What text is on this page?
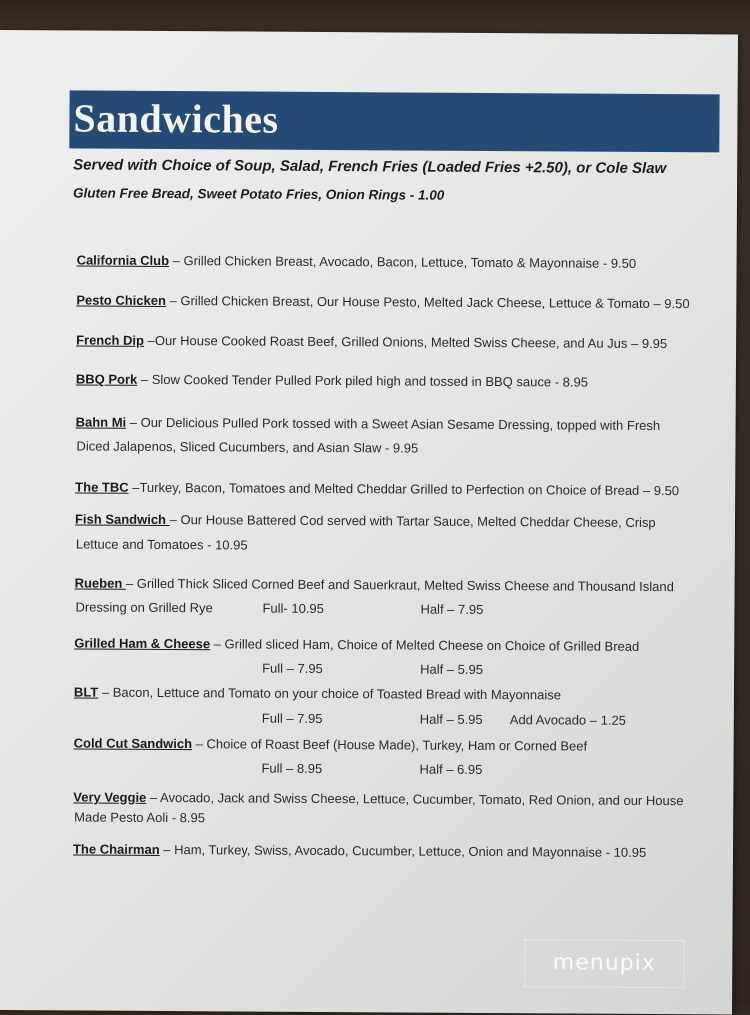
Sandwiches
Served with Choice of Soup, Salad, French Fries (Loaded Fries +2.50), or Cole Slaw
Gluten Free Bread, Sweet Potato Fries, Onion Rings - 1.00
California Club – Grilled Chicken Breast, Avocado, Bacon, Lettuce, Tomato & Mayonnaise - 9.50
Pesto Chicken – Grilled Chicken Breast, Our House Pesto, Melted Jack Cheese, Lettuce & Tomato – 9.50
French Dip –Our House Cooked Roast Beef, Grilled Onions, Melted Swiss Cheese, and Au Jus – 9.95
BBQ Pork – Slow Cooked Tender Pulled Pork piled high and tossed in BBQ sauce - 8.95
Bahn Mi – Our Delicious Pulled Pork tossed with a Sweet Asian Sesame Dressing, topped with Fresh
Diced Jalapenos, Sliced Cucumbers, and Asian Slaw - 9.95
The TBC –Turkey, Bacon, Tomatoes and Melted Cheddar Grilled to Perfection on Choice of Bread – 9.50
Fish Sandwich – Our House Battered Cod served with Tartar Sauce, Melted Cheddar Cheese, Crisp
Lettuce and Tomatoes - 10.95
Rueben – Grilled Thick Sliced Corned Beef and Sauerkraut, Melted Swiss Cheese and Thousand Island
Dressing on Grilled Rye	Full- 10.95	Half – 7.95
Grilled Ham & Cheese – Grilled sliced Ham, Choice of Melted Cheese on Choice of Grilled Bread
Full – 7.95	Half – 5.95
BLT – Bacon, Lettuce and Tomato on your choice of Toasted Bread with Mayonnaise
Full – 7.95	Half – 5.95 Add Avocado – 1.25
Cold Cut Sandwich – Choice of Roast Beef (House Made), Turkey, Ham or Corned Beef
Full – 8.95	Half – 6.95
Very Veggie – Avocado, Jack and Swiss Cheese, Lettuce, Cucumber, Tomato, Red Onion, and our House
Made Pesto Aoli - 8.95
The Chairman – Ham, Turkey, Swiss, Avocado, Cucumber, Lettuce, Onion and Mayonnaise - 10.95
menupix
